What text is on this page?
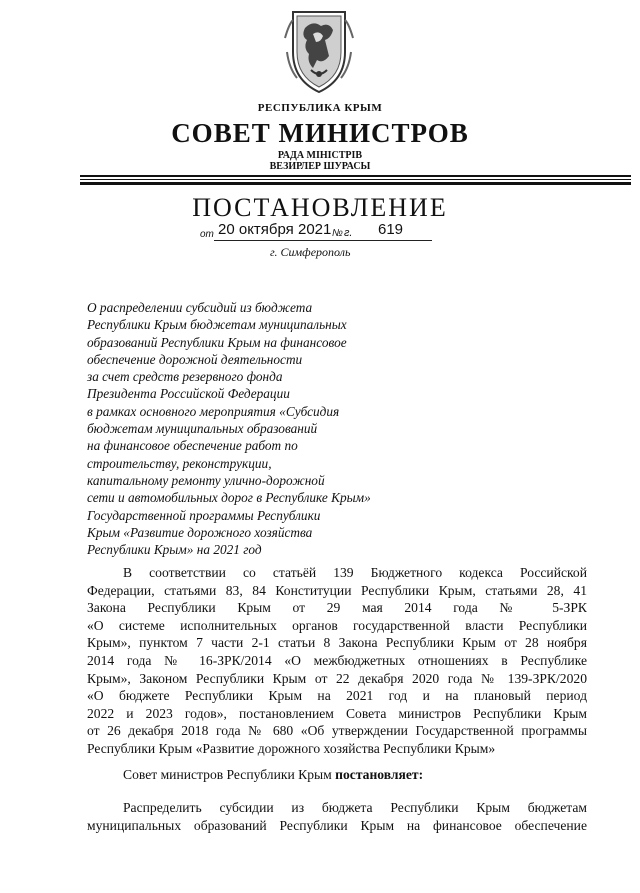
РЕСПУБЛИКА КРЫМ
СОВЕТ МИНИСТРОВ
РАДА МІНІСТРІВ
ВЕЗИРЛЕР ШУРАСЫ
ПОСТАНОВЛЕНИЕ
от 20 октября 2021 № г. 619
г. Симферополь
О распределении субсидий из бюджета
Республики Крым бюджетам муниципальных
образований Республики Крым на финансовое
обеспечение дорожной деятельности
за счет средств резервного фонда
Президента Российской Федерации
в рамках основного мероприятия «Субсидия
бюджетам муниципальных образований
на финансовое обеспечение работ по
строительству, реконструкции,
капитальному ремонту улично-дорожной
сети и автомобильных дорог в Республике Крым»
Государственной программы Республики
Крым «Развитие дорожного хозяйства
Республики Крым» на 2021 год
В соответствии со статьёй 139 Бюджетного кодекса Российской
Федерации, статьями 83, 84 Конституции Республики Крым, статьями 28, 41
Закона Республики Крым от 29 мая 2014 года № 5-ЗРК
«О системе исполнительных органов государственной власти Республики
Крым», пунктом 7 части 2-1 статьи 8 Закона Республики Крым от 28 ноября
2014 года № 16-ЗРК/2014 «О межбюджетных отношениях в Республике
Крым», Законом Республики Крым от 22 декабря 2020 года № 139-ЗРК/2020
«О бюджете Республики Крым на 2021 год и на плановый период
2022 и 2023 годов», постановлением Совета министров Республики Крым
от 26 декабря 2018 года № 680 «Об утверждении Государственной программы
Республики Крым «Развитие дорожного хозяйства Республики Крым»
Совет министров Республики Крым постановляет:
Распределить субсидии из бюджета Республики Крым бюджетам
муниципальных образований Республики Крым на финансовое обеспечение
